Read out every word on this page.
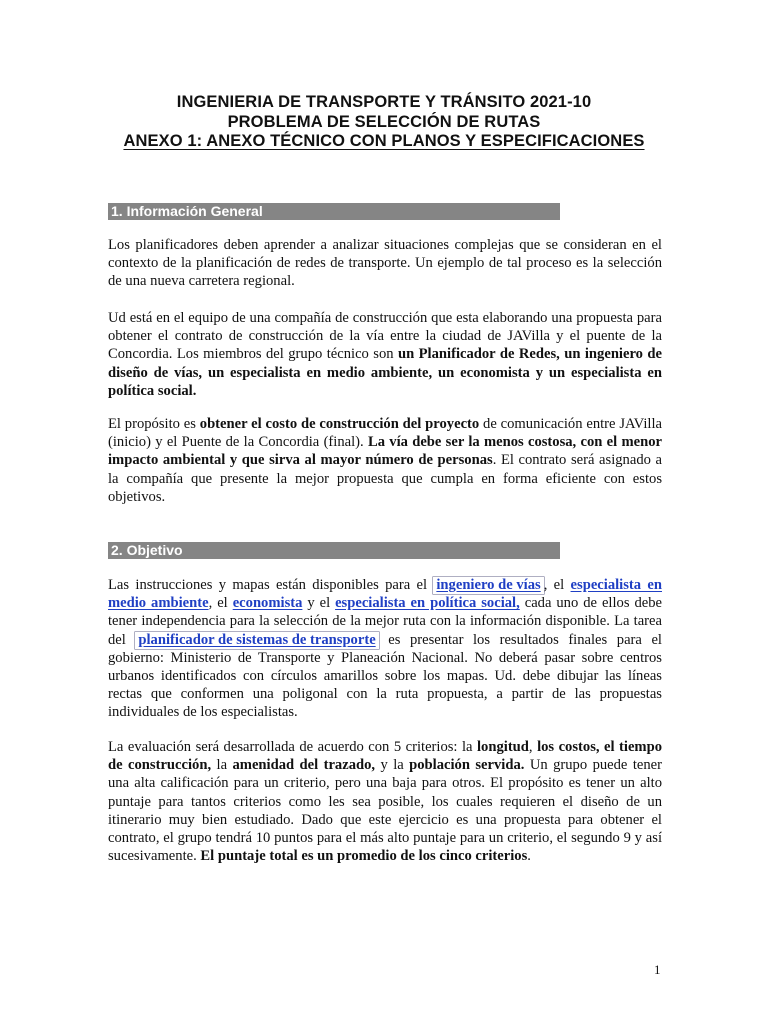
INGENIERIA DE TRANSPORTE Y TRÁNSITO 2021-10
PROBLEMA DE SELECCIÓN DE RUTAS
ANEXO 1: ANEXO TÉCNICO CON PLANOS Y ESPECIFICACIONES
1. Información General

Los planificadores deben aprender a analizar situaciones complejas que se consideran en el contexto de la planificación de redes de transporte. Un ejemplo de tal proceso es la selección de una nueva carretera regional.

Ud está en el equipo de una compañía de construcción que esta elaborando una propuesta para obtener el contrato de construcción de la vía entre la ciudad de JAVilla y el puente de la Concordia. Los miembros del grupo técnico son un Planificador de Redes, un ingeniero de diseño de vías, un especialista en medio ambiente, un economista y un especialista en política social.

El propósito es obtener el costo de construcción del proyecto de comunicación entre JAVilla (inicio) y el Puente de la Concordia (final). La vía debe ser la menos costosa, con el menor impacto ambiental y que sirva al mayor número de personas. El contrato será asignado a la compañía que presente la mejor propuesta que cumpla en forma eficiente con estos objetivos.

2. Objetivo

Las instrucciones y mapas están disponibles para el ingeniero de vías , el especialista en medio ambiente, el economista y el especialista en política social, cada uno de ellos debe tener independencia para la selección de la mejor ruta con la información disponible. La tarea del planificador de sistemas de transporte es presentar los resultados finales para el gobierno: Ministerio de Transporte y Planeación Nacional. No deberá pasar sobre centros urbanos identificados con círculos amarillos sobre los mapas. Ud. debe dibujar las líneas rectas que conformen una poligonal con la ruta propuesta, a partir de las propuestas individuales de los especialistas.

La evaluación será desarrollada de acuerdo con 5 criterios: la longitud, los costos, el tiempo de construcción, la amenidad del trazado, y la población servida. Un grupo puede tener una alta calificación para un criterio, pero una baja para otros. El propósito es tener un alto puntaje para tantos criterios como les sea posible, los cuales requieren el diseño de un itinerario muy bien estudiado. Dado que este ejercicio es una propuesta para obtener el contrato, el grupo tendrá 10 puntos para el más alto puntaje para un criterio, el segundo 9 y así sucesivamente. El puntaje total es un promedio de los cinco criterios.

1
